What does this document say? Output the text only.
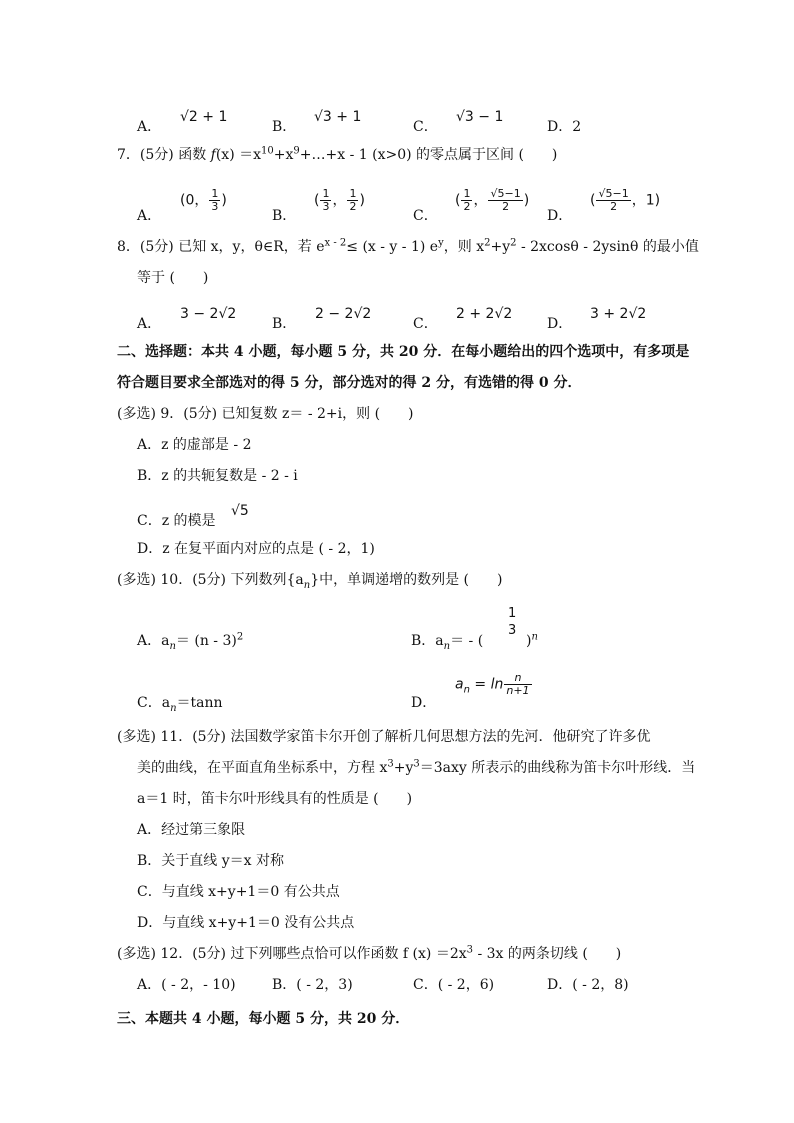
A．
√2 + 1
B．
√3 + 1
C．
√3 − 1
D．2
7．(5分) 函数 $f(x) =x^{10}+x^9+\dots+x - 1$ (x>0) 的零点属于区间 (　　)
A．
(0， $\frac{1}{3}$ )
B．
( $\frac{1}{3}$ ， $\frac{1}{2}$ )
C．
( $\frac{1}{2}$ ， $\frac{√5-1}{2}$ )
D．
( $\frac{√5-1}{2}$ ，1)
8．(5分) 已知 x，y，θ∈R，若 $e^{x - 2}\le (x - y - 1)$ $e^y$，则 $x^2+y^2 - 2xcos\theta - 2ysin\theta$ 的最小值
等于 (　　)
A．
3 − 2√2
B．
2 − 2√2
C．
2 + 2√2
D．
3 + 2√2
二、选择题：本共 4 小题，每小题 5 分，共 20 分．在每小题给出的四个选项中，有多项是
符合题目要求全部选对的得 5 分，部分选对的得 2 分，有选错的得 0 分．
(多选) 9．(5分) 已知复数 z＝ - 2+i，则 (　　)
A．z 的虚部是 - 2
B．z 的共轭复数是 - 2 - i
C．z 的模是
√5
D．z 在复平面内对应的点是 ( - 2，1)
(多选) 10．(5分) 下列数列$\{a_n\}$中，单调递增的数列是 (　　)
A．$a_n= (n - 3)^2$	B．$a_n=$ - (
1
3
)$^n$
C．$a_n=\tan n$	D．
$a_n = \ln \frac{n}{n+1}$
(多选) 11．(5分) 法国数学家笛卡尔开创了解析几何思想方法的先河．他研究了许多优
美的曲线，在平面直角坐标系中，方程 $x^3+y^3=3axy$ 所表示的曲线称为笛卡尔叶形线．当
a＝1 时，笛卡尔叶形线具有的性质是 (　　)
A．经过第三象限
B．关于直线 y＝x 对称
C．与直线 x+y+1＝0 有公共点
D．与直线 x+y+1＝0 没有公共点
(多选) 12．(5分) 过下列哪些点恰可以作函数 f $(x) =2x^3 - 3x$ 的两条切线 (　　)
A．( - 2，- 10)	B．( - 2，3)	C．( - 2，6)	D．( - 2，8)
三、本题共 4 小题，每小题 5 分，共 20 分．
